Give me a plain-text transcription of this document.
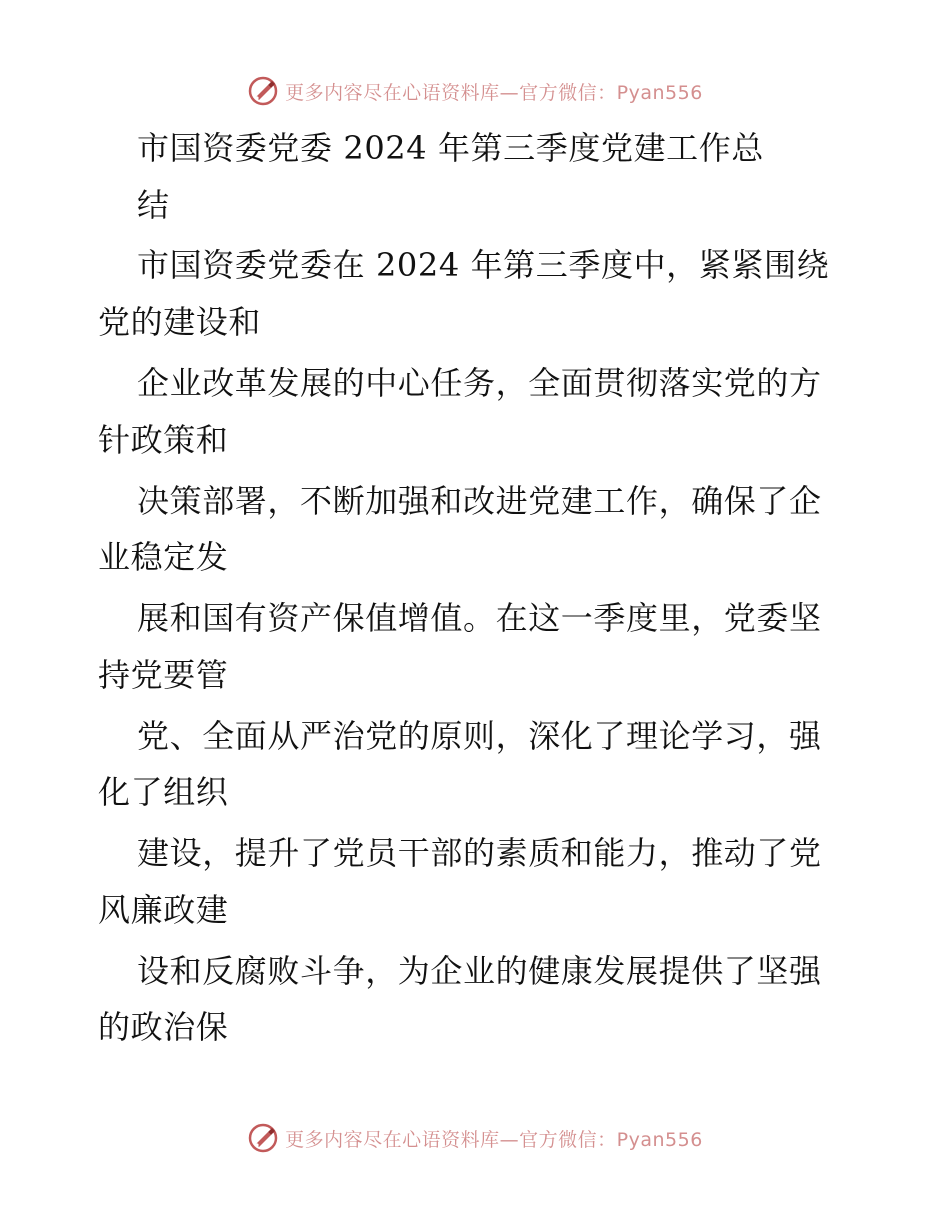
更多内容尽在心语资料库—官方微信：Pyan556
市国资委党委 2024 年第三季度党建工作总
结
市国资委党委在 2024 年第三季度中，紧紧围绕
党的建设和
企业改革发展的中心任务，全面贯彻落实党的方
针政策和
决策部署，不断加强和改进党建工作，确保了企
业稳定发
展和国有资产保值增值。在这一季度里，党委坚
持党要管
党、全面从严治党的原则，深化了理论学习，强
化了组织
建设，提升了党员干部的素质和能力，推动了党
风廉政建
设和反腐败斗争，为企业的健康发展提供了坚强
的政治保
更多内容尽在心语资料库—官方微信：Pyan556
